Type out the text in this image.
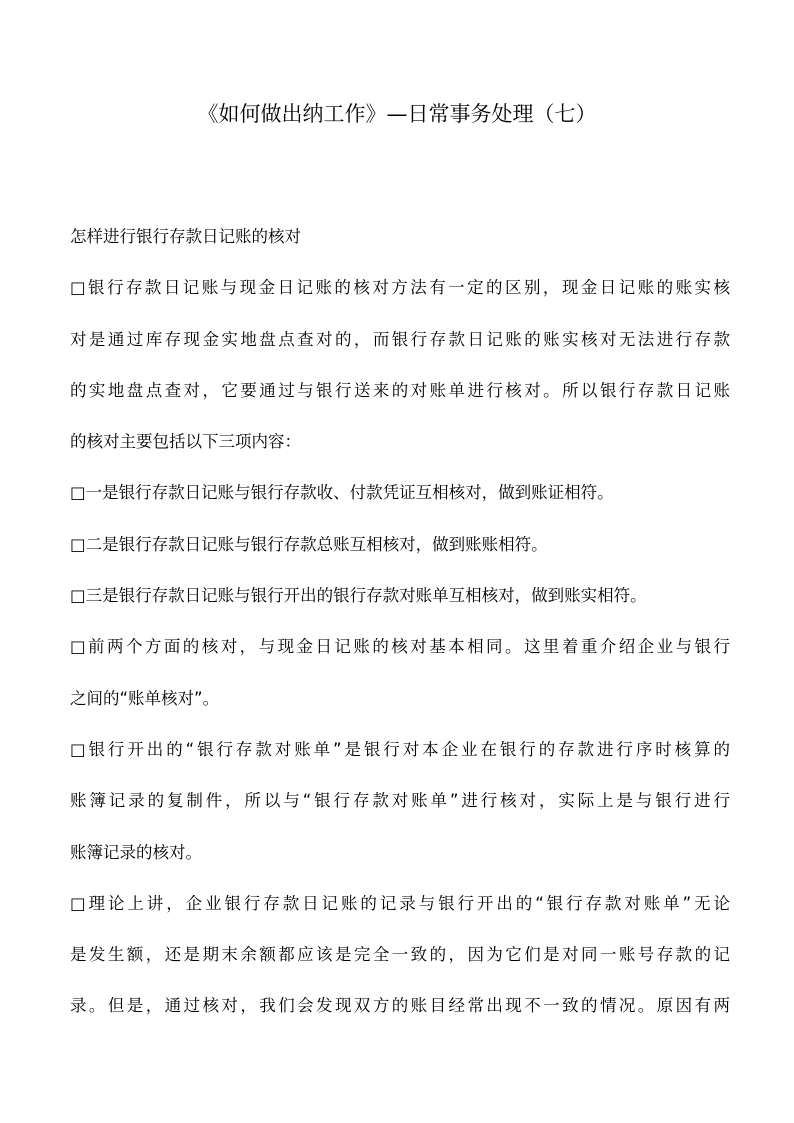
《如何做出纳工作》—日常事务处理（七）
怎样进行银行存款日记账的核对
□银行存款日记账与现金日记账的核对方法有一定的区别，现金日记账的账实核
对是通过库存现金实地盘点查对的，而银行存款日记账的账实核对无法进行存款
的实地盘点查对，它要通过与银行送来的对账单进行核对。所以银行存款日记账
的核对主要包括以下三项内容：
□一是银行存款日记账与银行存款收、付款凭证互相核对，做到账证相符。
□二是银行存款日记账与银行存款总账互相核对，做到账账相符。
□三是银行存款日记账与银行开出的银行存款对账单互相核对，做到账实相符。
□前两个方面的核对，与现金日记账的核对基本相同。这里着重介绍企业与银行
之间的“账单核对”。
□银行开出的“银行存款对账单”是银行对本企业在银行的存款进行序时核算的
账簿记录的复制件，所以与“银行存款对账单”进行核对，实际上是与银行进行
账簿记录的核对。
□理论上讲，企业银行存款日记账的记录与银行开出的“银行存款对账单”无论
是发生额，还是期末余额都应该是完全一致的，因为它们是对同一账号存款的记
录。但是，通过核对，我们会发现双方的账目经常出现不一致的情况。原因有两
